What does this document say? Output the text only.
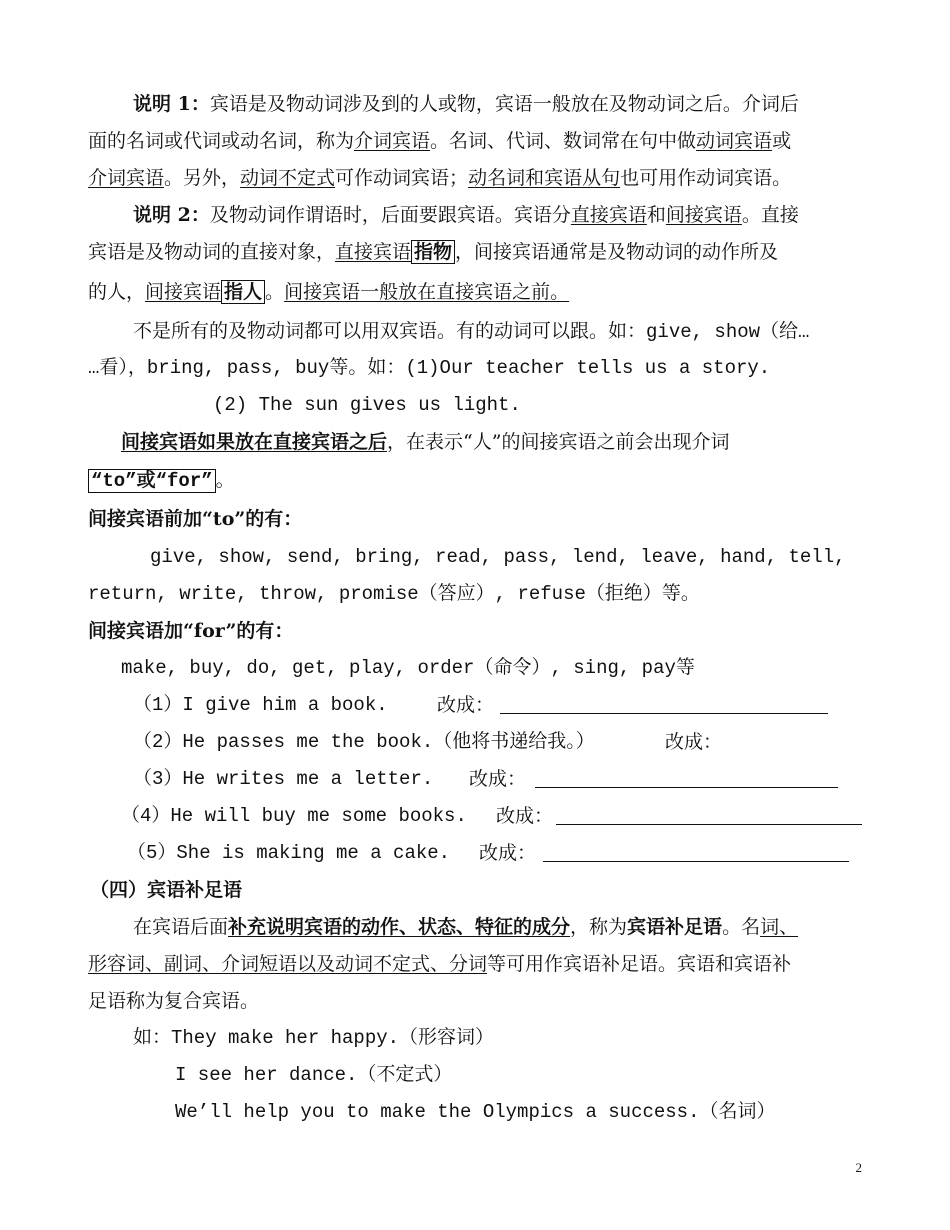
说明 1：宾语是及物动词涉及到的人或物，宾语一般放在及物动词之后。介词后
面的名词或代词或动名词，称为介词宾语。名词、代词、数词常在句中做动词宾语或
介词宾语。另外，动词不定式可作动词宾语；动名词和宾语从句也可用作动词宾语。
说明 2：及物动词作谓语时，后面要跟宾语。宾语分直接宾语和间接宾语。直接
宾语是及物动词的直接对象，直接宾语 指物 ，间接宾语通常是及物动词的动作所及
的人，间接宾语 指人 。间接宾语一般放在直接宾语之前。
不是所有的及物动词都可以用双宾语。有的动词可以跟。如：give, show（给…
…看），bring, pass, buy等。如：(1)Our teacher tells us a story.
(2) The sun gives us light.
间接宾语如果放在直接宾语之后，在表示“人”的间接宾语之前会出现介词
“to”或“for” 。
间接宾语前加“to”的有：
give, show, send, bring, read, pass, lend, leave, hand, tell,
return, write, throw, promise（答应）, refuse（拒绝）等。
间接宾语加“for”的有：
make, buy, do, get, play, order（命令）, sing, pay等
（1）I give him a book.	改成：
（2）He passes me the book.（他将书递给我。）	改成：
（3）He writes me a letter. 改成：
（4）He will buy me some books. 改成：
（5）She is making me a cake. 改成：
（四）宾语补足语
在宾语后面补充说明宾语的动作、状态、特征的成分，称为宾语补足语。名词、
形容词、副词、介词短语以及动词不定式、分词等可用作宾语补足语。宾语和宾语补
足语称为复合宾语。
如：They make her happy.（形容词）
I see her dance.（不定式）
We’ll help you to make the Olympics a success.（名词）
2
